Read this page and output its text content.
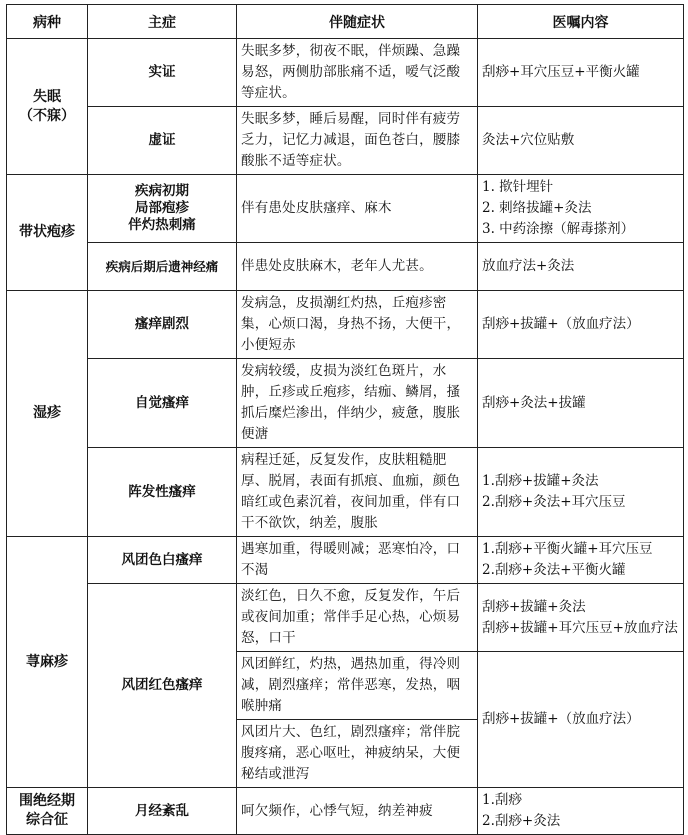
病种	主症	伴随症状	医嘱内容

失眠
（不寐）	实证	失眠多梦，彻夜不眠，伴烦躁、急躁易怒，两侧肋部胀痛不适，嗳气泛酸等症状。	刮痧+耳穴压豆+平衡火罐
	虚证	失眠多梦，睡后易醒，同时伴有疲劳乏力，记忆力减退，面色苍白，腰膝酸胀不适等症状。	灸法+穴位贴敷
带状疱疹	疾病初期
局部疱疹
伴灼热刺痛	伴有患处皮肤瘙痒、麻木	1. 揿针埋针
2. 刺络拔罐+灸法
3. 中药涂擦（解毒搽剂）

	疾病后期后遗神经痛	伴患处皮肤麻木，老年人尤甚。	放血疗法+灸法
湿疹	瘙痒剧烈	发病急，皮损潮红灼热，丘疱疹密集，心烦口渴，身热不扬，大便干，小便短赤	刮痧+拔罐+（放血疗法）
	自觉瘙痒	发病较缓，皮损为淡红色斑片，水肿，丘疹或丘疱疹，结痂、鳞屑，搔抓后糜烂渗出，伴纳少，疲惫，腹胀便溏	刮痧+灸法+拔罐
	阵发性瘙痒	病程迁延，反复发作，皮肤粗糙肥厚、脱屑，表面有抓痕、血痂，颜色暗红或色素沉着，夜间加重，伴有口干不欲饮，纳差，腹胀	1.刮痧+拔罐+灸法
2.刮痧+灸法+耳穴压豆

荨麻疹	风团色白瘙痒	遇寒加重，得暖则减；恶寒怕冷，口不渴	1.刮痧+平衡火罐+耳穴压豆
2.刮痧+灸法+平衡火罐

	风团红色瘙痒	淡红色，日久不愈，反复发作，午后或夜间加重；常伴手足心热，心烦易怒，口干	刮痧+拔罐+灸法
刮痧+拔罐+耳穴压豆+放血疗法
		风团鲜红，灼热，遇热加重，得冷则减，剧烈瘙痒；常伴恶寒，发热，咽喉肿痛	刮痧+拔罐+（放血疗法）
		风团片大、色红，剧烈瘙痒；常伴脘腹疼痛，恶心呕吐，神疲纳呆，大便秘结或泄泻	

围绝经期
综合征	月经紊乱	呵欠频作，心悸气短，纳差神疲	1.刮痧
2.刮痧+灸法
